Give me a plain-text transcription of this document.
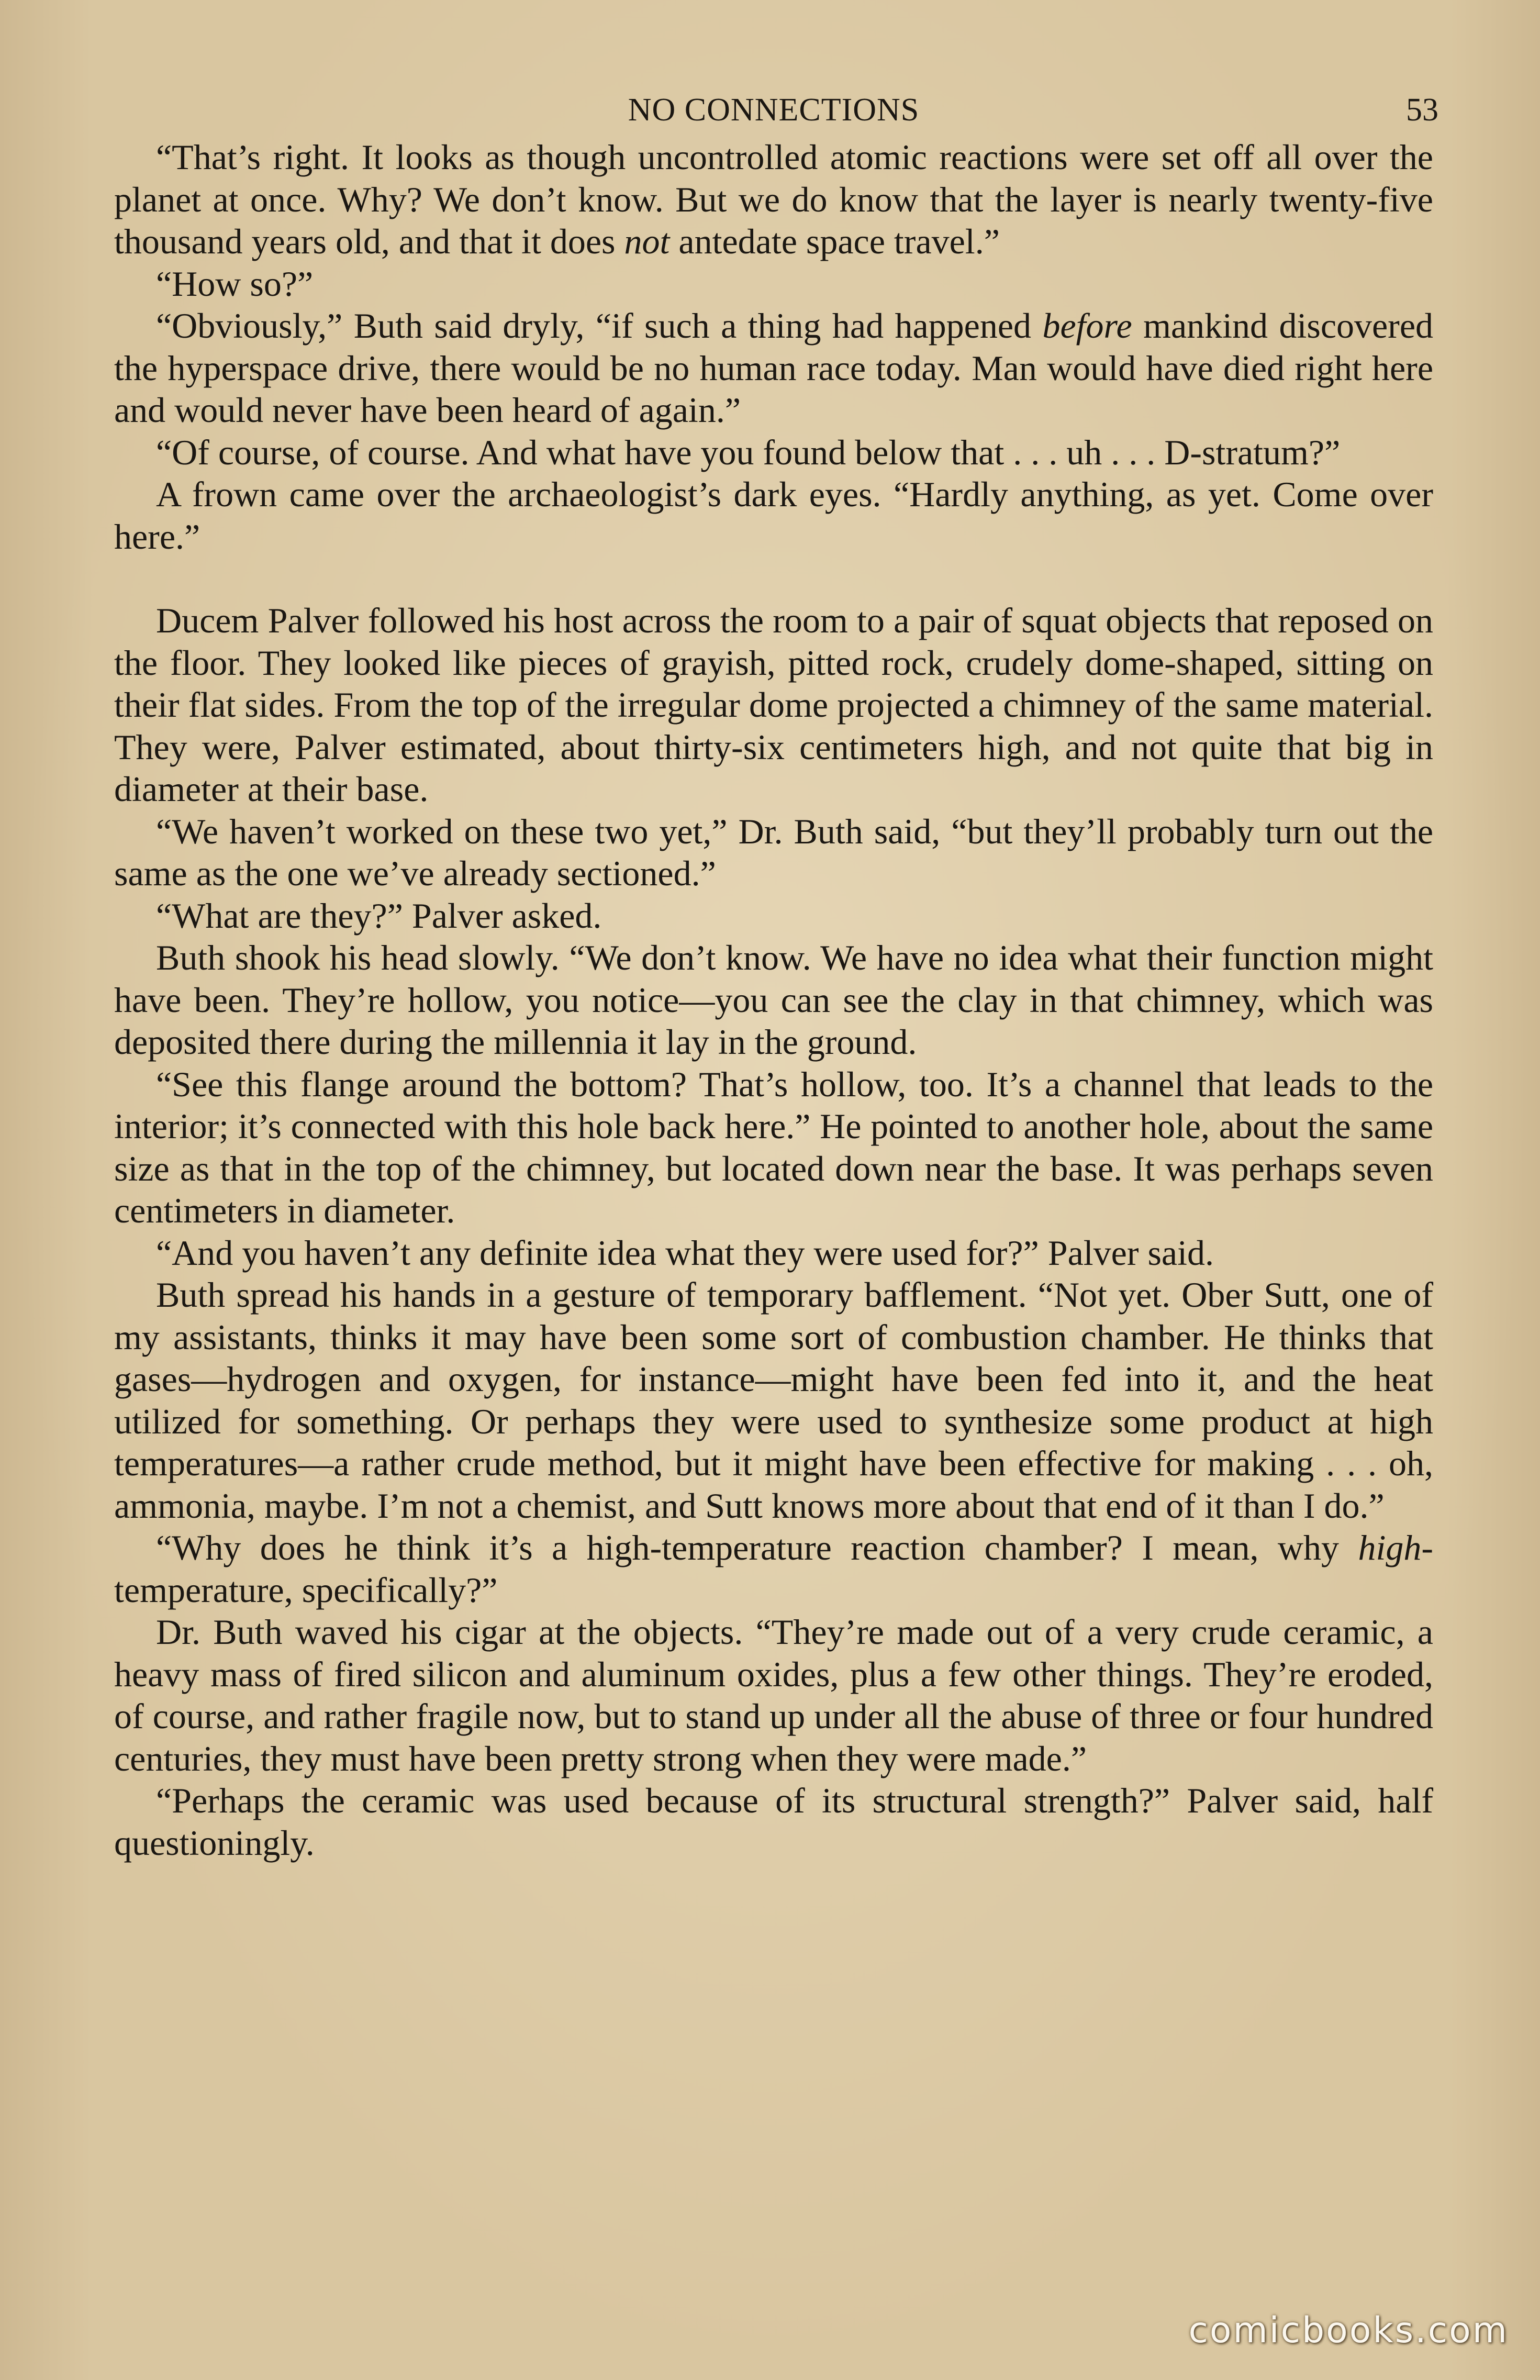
NO CONNECTIONS	53

“That’s right. It looks as though uncontrolled atomic reactions were set off all over the planet at once. Why? We don’t know. But we do know that the layer is nearly twenty-five thousand years old, and that it does not antedate space travel.”

“How so?”

“Obviously,” Buth said dryly, “if such a thing had happened before mankind discovered the hyperspace drive, there would be no human race today. Man would have died right here and would never have been heard of again.”

“Of course, of course. And what have you found below that . . . uh . . . D-stratum?”

A frown came over the archaeologist’s dark eyes. “Hardly anything, as yet. Come over here.”

Ducem Palver followed his host across the room to a pair of squat objects that reposed on the floor. They looked like pieces of grayish, pitted rock, crudely dome-shaped, sitting on their flat sides. From the top of the irregular dome projected a chimney of the same material. They were, Palver estimated, about thirty-six centimeters high, and not quite that big in diameter at their base.

“We haven’t worked on these two yet,” Dr. Buth said, “but they’ll probably turn out the same as the one we’ve already sectioned.”

“What are they?” Palver asked.

Buth shook his head slowly. “We don’t know. We have no idea what their function might have been. They’re hollow, you notice—you can see the clay in that chimney, which was deposited there during the millennia it lay in the ground.

“See this flange around the bottom? That’s hollow, too. It’s a channel that leads to the interior; it’s connected with this hole back here.” He pointed to another hole, about the same size as that in the top of the chimney, but located down near the base. It was perhaps seven centimeters in diameter.

“And you haven’t any definite idea what they were used for?” Palver said.

Buth spread his hands in a gesture of temporary bafflement. “Not yet. Ober Sutt, one of my assistants, thinks it may have been some sort of combustion chamber. He thinks that gases—hydrogen and oxygen, for instance—might have been fed into it, and the heat utilized for something. Or perhaps they were used to synthesize some product at high temperatures—a rather crude method, but it might have been effective for making . . . oh, ammonia, maybe. I’m not a chemist, and Sutt knows more about that end of it than I do.”

“Why does he think it’s a high-temperature reaction chamber? I mean, why high-temperature, specifically?”

Dr. Buth waved his cigar at the objects. “They’re made out of a very crude ceramic, a heavy mass of fired silicon and aluminum oxides, plus a few other things. They’re eroded, of course, and rather fragile now, but to stand up under all the abuse of three or four hundred centuries, they must have been pretty strong when they were made.”

“Perhaps the ceramic was used because of its structural strength?” Palver said, half questioningly.

comicbooks.com
